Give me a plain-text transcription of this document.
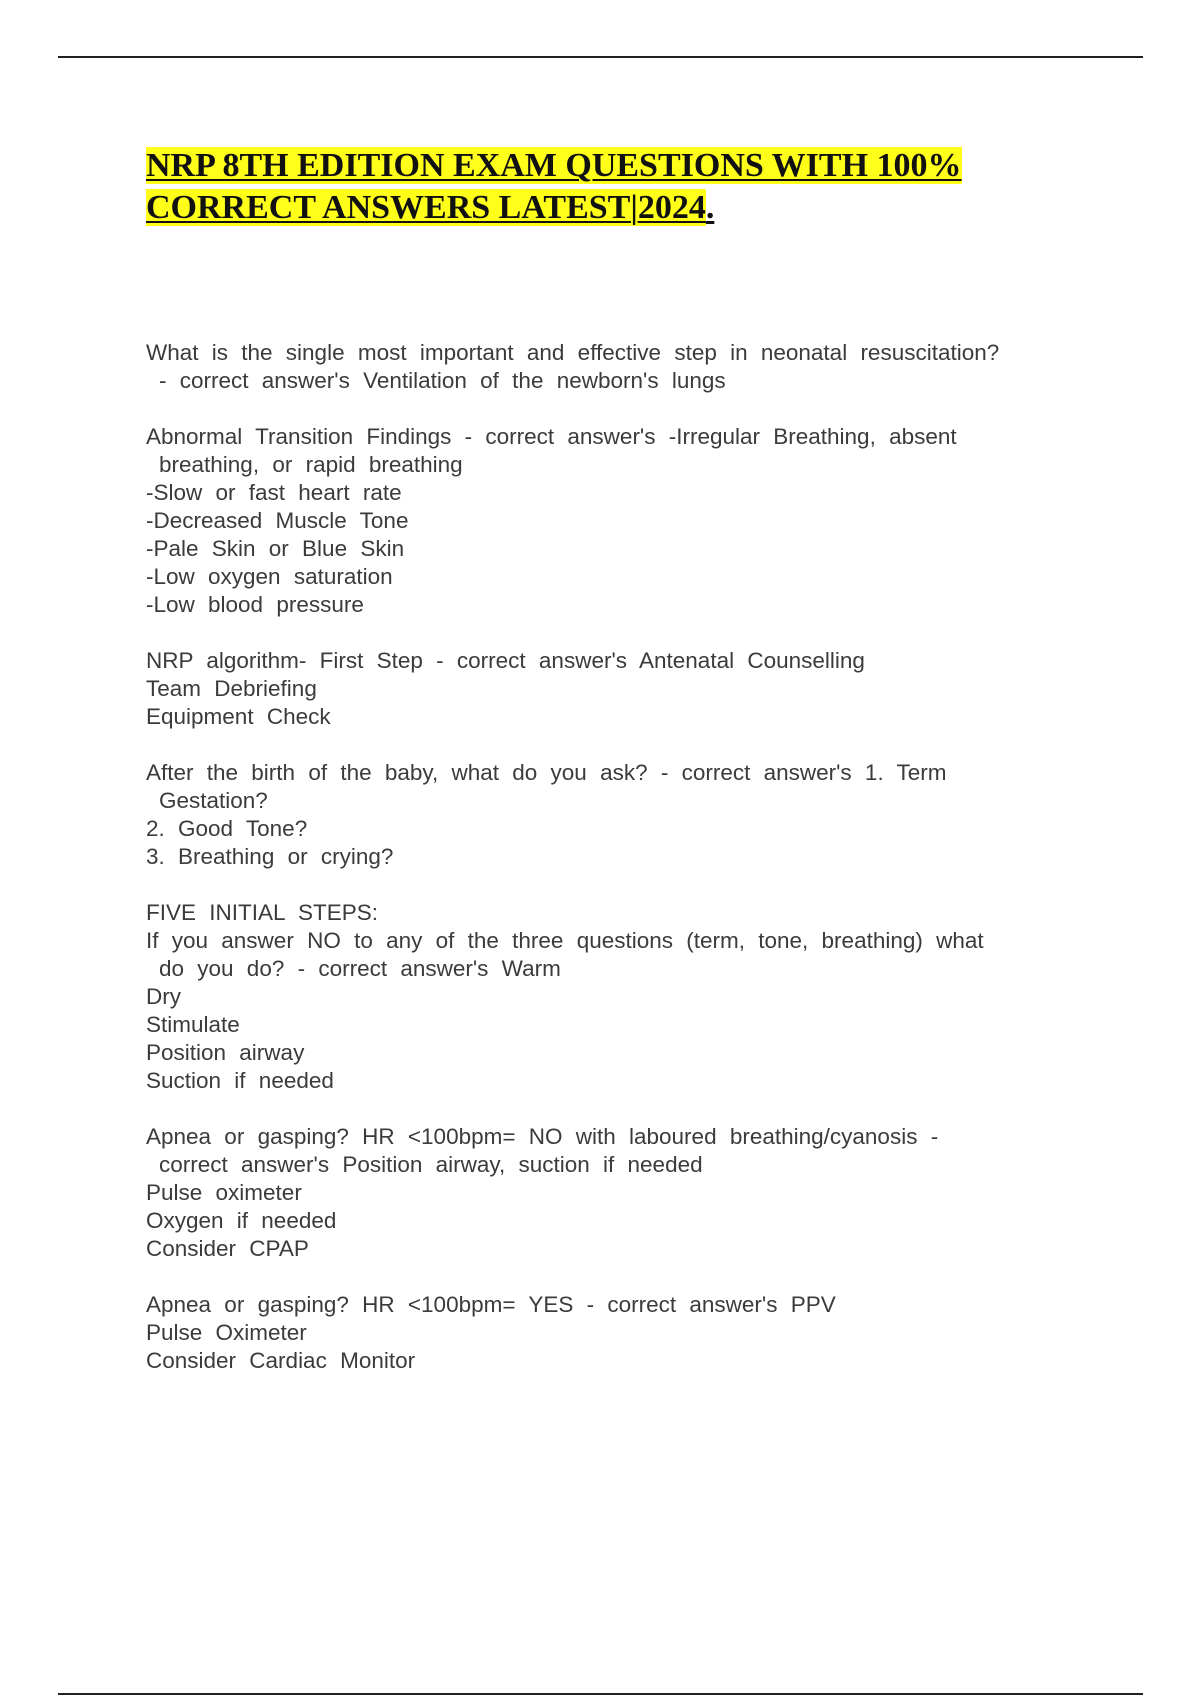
NRP 8TH EDITION EXAM QUESTIONS WITH 100%
CORRECT ANSWERS LATEST|2024.
What is the single most important and effective step in neonatal resuscitation?
- correct answer's Ventilation of the newborn's lungs
Abnormal Transition Findings - correct answer's -Irregular Breathing, absent
breathing, or rapid breathing
-Slow or fast heart rate
-Decreased Muscle Tone
-Pale Skin or Blue Skin
-Low oxygen saturation
-Low blood pressure
NRP algorithm- First Step - correct answer's Antenatal Counselling
Team Debriefing
Equipment Check
After the birth of the baby, what do you ask? - correct answer's 1. Term
Gestation?
2. Good Tone?
3. Breathing or crying?
FIVE INITIAL STEPS:
If you answer NO to any of the three questions (term, tone, breathing) what
do you do? - correct answer's Warm
Dry
Stimulate
Position airway
Suction if needed
Apnea or gasping? HR <100bpm= NO with laboured breathing/cyanosis -
correct answer's Position airway, suction if needed
Pulse oximeter
Oxygen if needed
Consider CPAP
Apnea or gasping? HR <100bpm= YES - correct answer's PPV
Pulse Oximeter
Consider Cardiac Monitor
